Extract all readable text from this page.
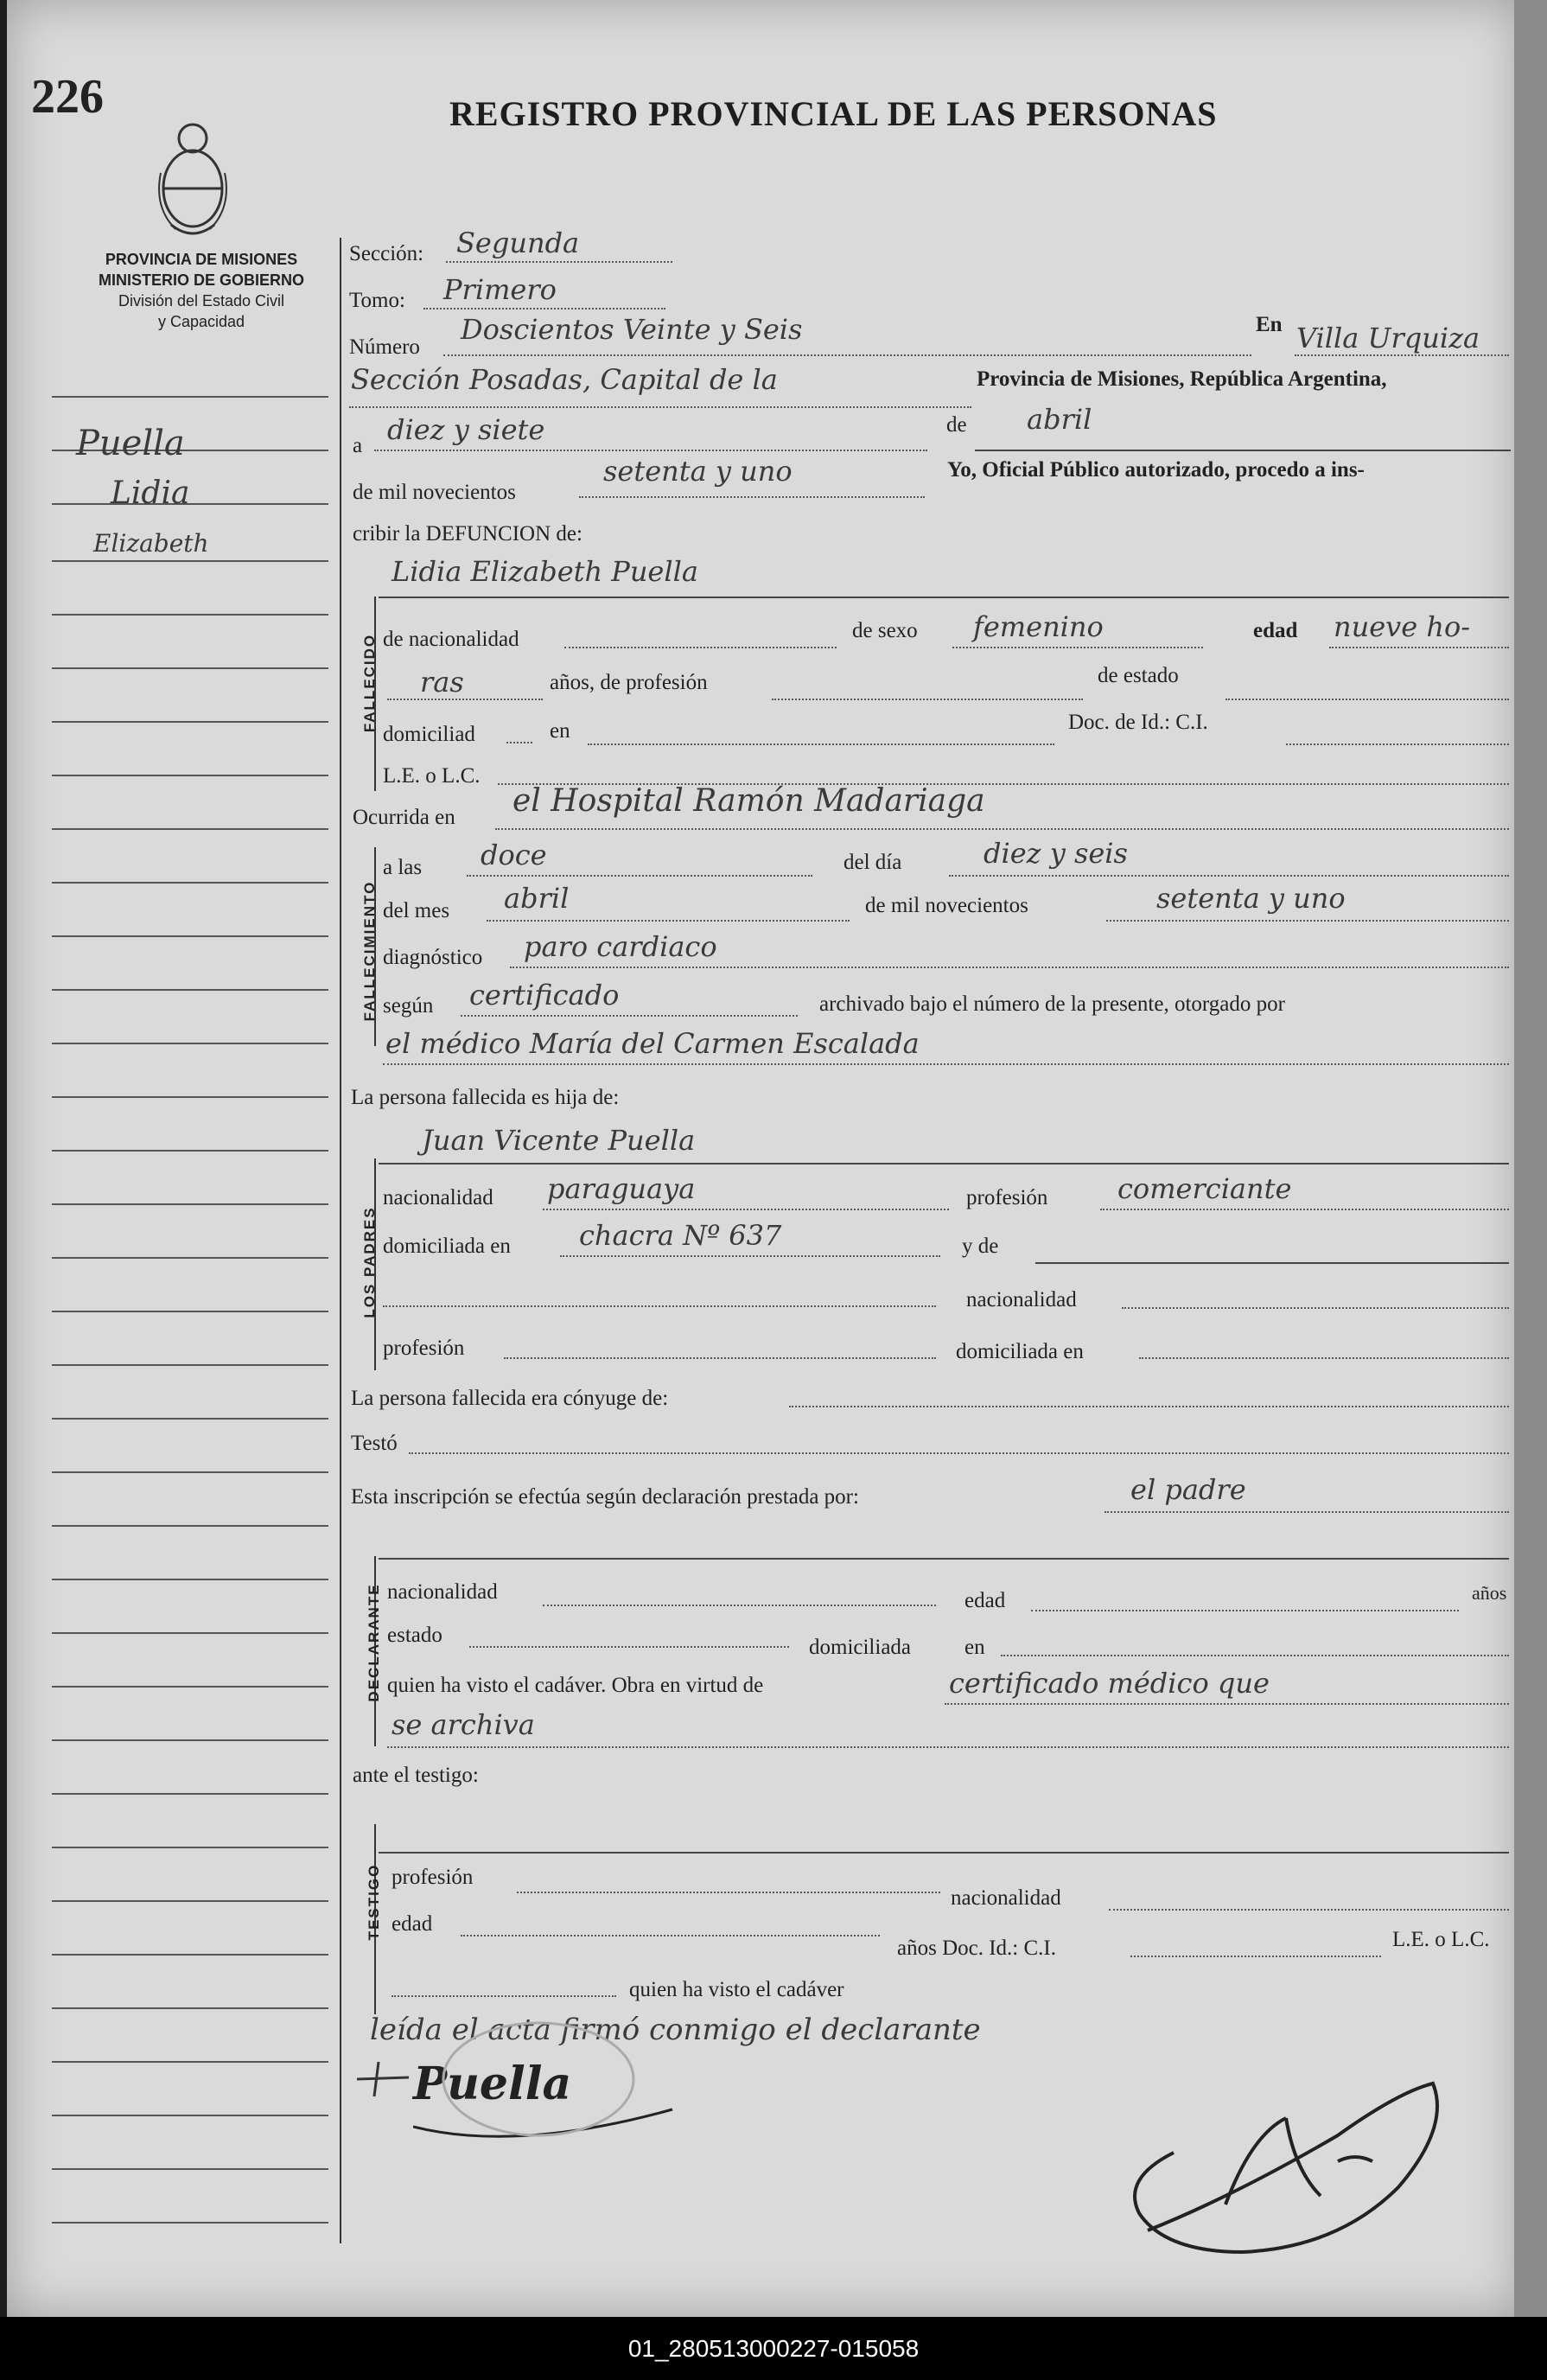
226	REGISTRO PROVINCIAL DE LAS PERSONAS
PROVINCIA DE MISIONES
MINISTERIO DE GOBIERNO
División del Estado Civil
y Capacidad
Puella
Lidia
Elizabeth
Sección: Segunda
Tomo: Primero
Número
Doscientos Veinte y Seis	En Villa Urquiza
Sección Posadas, Capital de la	Provincia de Misiones, República Argentina,
a diez y siete	de abril
de mil novecientos
setenta y uno	Yo, Oficial Público autorizado, procedo a ins-
cribir la DEFUNCION de:
FALLECIDO
Lidia Elizabeth Puella
de nacionalidad	de sexo femenino	edad nueve ho-
ras	años, de profesión	de estado
domiciliad	en	Doc. de Id.: C.I.
L.E. o L.C.
Ocurrida en el Hospital Ramón Madariaga
FALLECIMIENTO
a las doce	del día	diez y seis
del mes abril	de mil novecientos	setenta y uno
diagnóstico paro cardiaco
según certificado	archivado bajo el número de la presente, otorgado por
el médico María del Carmen Escalada
La persona fallecida es hija de:
LOS PADRES
Juan Vicente Puella
nacionalidad paraguaya	profesión	comerciante
domiciliada en chacra Nº 637	y de
nacionalidad
profesión	domiciliada en
La persona fallecida era cónyuge de:
Testó
Esta inscripción se efectúa según declaración prestada por:	el padre
DECLARANTE nacionalidad	edad	años
estado
domiciliada en
quien ha visto el cadáver. Obra en virtud de	certificado médico que
se archiva
ante el testigo:
TESTIGO profesión
nacionalidad
edad
años Doc. Id.: C.I.	L.E. o L.C.
quien ha visto el cadáver
leída el acta firmó conmigo el declarante
Puella
01_280513000227-015058
